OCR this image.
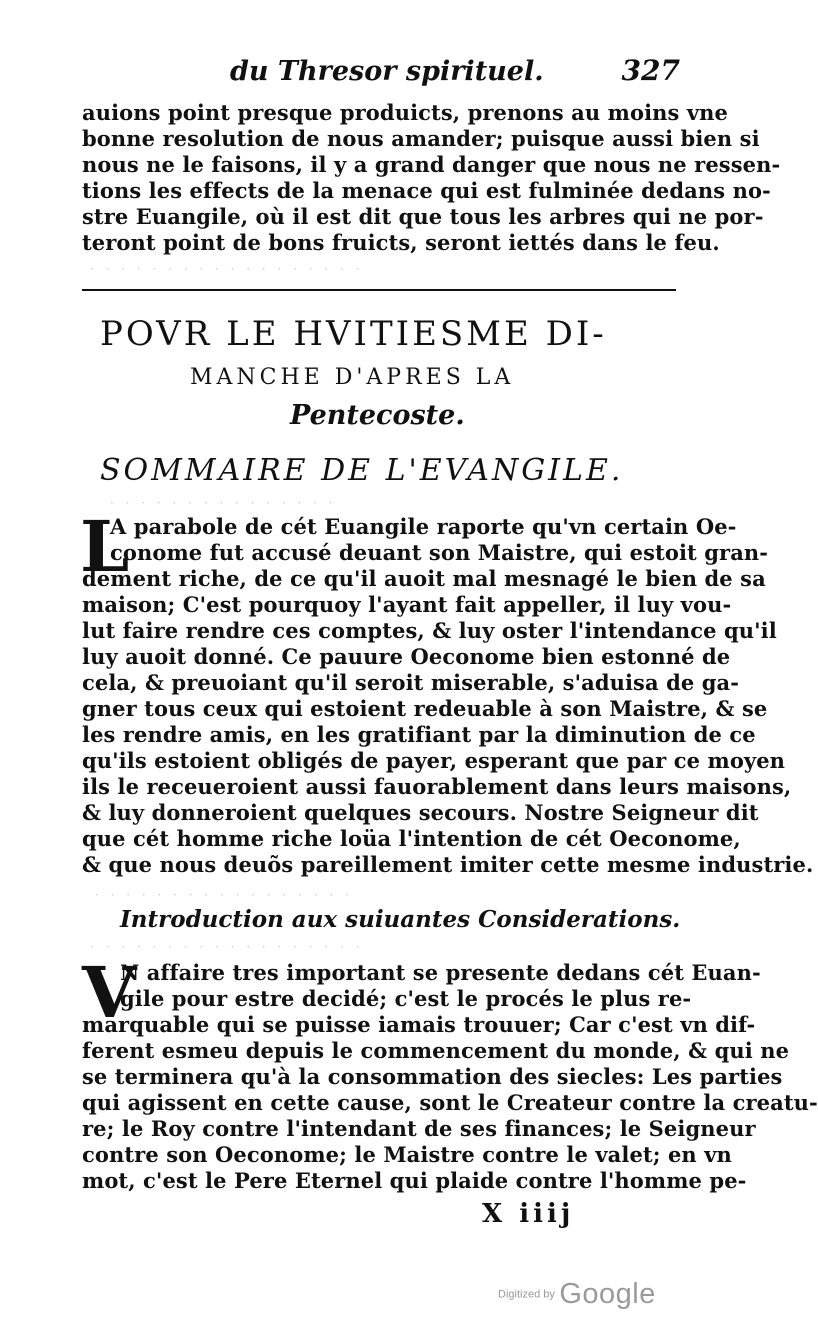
du Thresor spirituel.	327
auions point presque produicts, prenons au moins vne
bonne resolution de nous amander; puisque aussi bien si
nous ne le faisons, il y a grand danger que nous ne ressen-
tions les effects de la menace qui est fulminée dedans no-
stre Euangile, où il est dit que tous les arbres qui ne por-
teront point de bons fruicts, seront iettés dans le feu.
· · · · · · · · · · · · · · · · · ·
POVR LE HVITIESME DI-
MANCHE D'APRES LA
Pentecoste.
SOMMAIRE DE L'EVANGILE.
· · · · · · · · · · · · · · ·
L
A parabole de cét Euangile raporte qu'vn certain Oe-
conome fut accusé deuant son Maistre, qui estoit gran-
dement riche, de ce qu'il auoit mal mesnagé le bien de sa
maison; C'est pourquoy l'ayant fait appeller, il luy vou-
lut faire rendre ces comptes, & luy oster l'intendance qu'il
luy auoit donné. Ce pauure Oeconome bien estonné de
cela, & preuoiant qu'il seroit miserable, s'aduisa de ga-
gner tous ceux qui estoient redeuable à son Maistre, & se
les rendre amis, en les gratifiant par la diminution de ce
qu'ils estoient obligés de payer, esperant que par ce moyen
ils le receueroient aussi fauorablement dans leurs maisons,
& luy donneroient quelques secours. Nostre Seigneur dit
que cét homme riche loüa l'intention de cét Oeconome,
& que nous deuõs pareillement imiter cette mesme industrie.
· · · · · · · · · · · · · · · · ·
Introduction aux suiuantes Considerations.
· · · · · · · · · · · · · · · · · ·
V
N affaire tres important se presente dedans cét Euan-
gile pour estre decidé; c'est le procés le plus re-
marquable qui se puisse iamais trouuer; Car c'est vn dif-
ferent esmeu depuis le commencement du monde, & qui ne
se terminera qu'à la consommation des siecles: Les parties
qui agissent en cette cause, sont le Createur contre la creatu-
re; le Roy contre l'intendant de ses finances; le Seigneur
contre son Oeconome; le Maistre contre le valet; en vn
mot, c'est le Pere Eternel qui plaide contre l'homme pe-
X iiij
Digitized by Google
